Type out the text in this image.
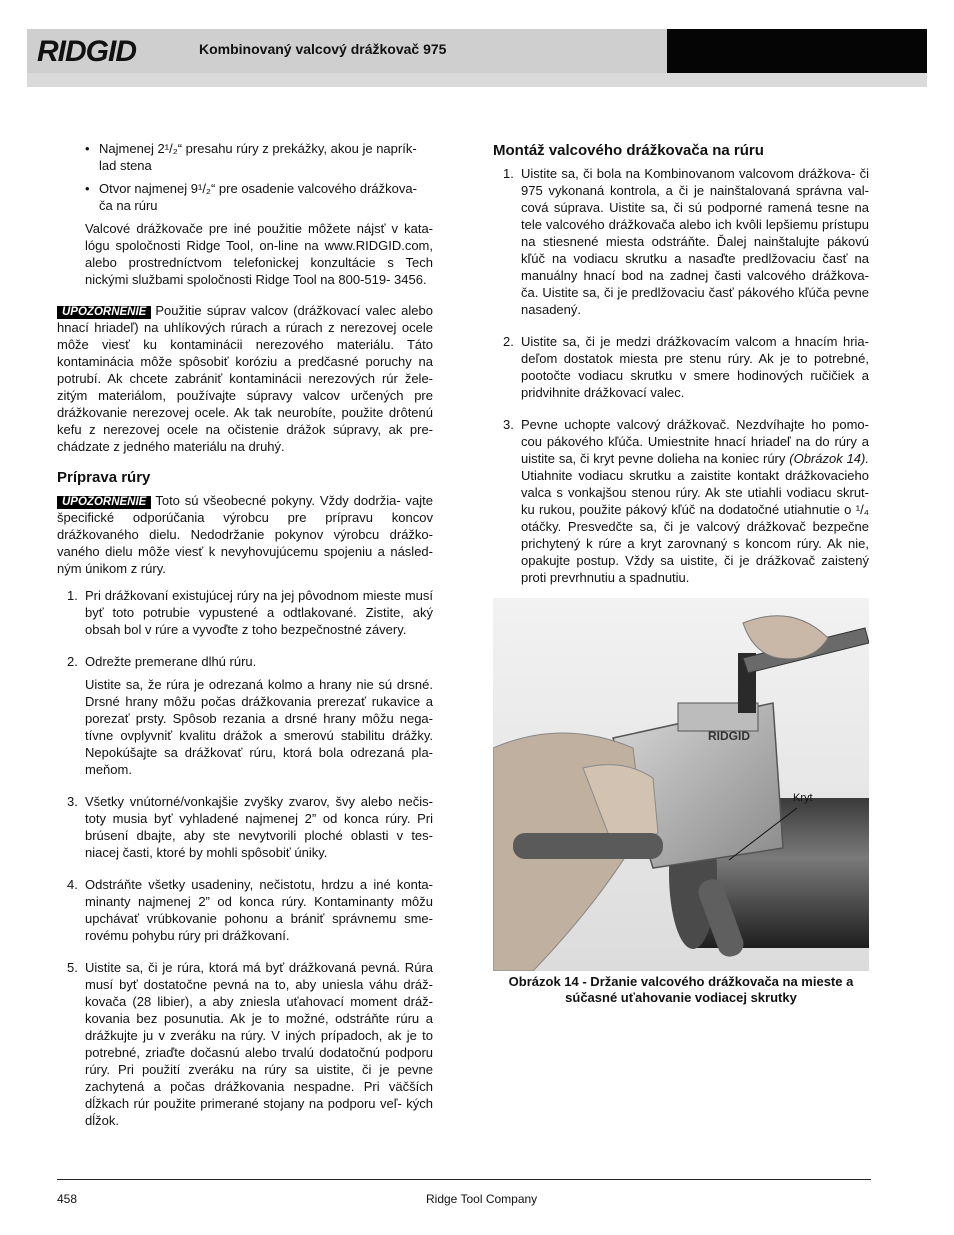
RIDGID	Kombinovaný valcový drážkovač 975
• Najmenej 2¹/₂“ presahu rúry z prekážky, akou je naprík- lad stena
• Otvor najmenej 9¹/₂“ pre osadenie valcového drážkova- ča na rúru

Valcové drážkovače pre iné použitie môžete nájsť v kata- lógu spoločnosti Ridge Tool, on-line na www.RIDGID.com, alebo prostredníctvom telefonickej konzultácie s Tech nickými službami spoločnosti Ridge Tool na 800-519- 3456.

UPOZORNENIE Použitie súprav valcov (drážkovací valec alebo hnací hriadeľ) na uhlíkových rúrach a rúrach z nerezovej ocele môže viesť ku kontaminácii nerezového materiálu. Táto kontaminácia môže spôsobiť koróziu a predčasné poruchy na potrubí. Ak chcete zabrániť kontaminácii nerezových rúr želе- zitým materiálom, používajte súpravy valcov určených pre drážkovanie nerezovej ocele. Ak tak neurobíte, použite drôtenú kefu z nerezovej ocele na očistenie drážok súpravy, ak pre- chádzate z jedného materiálu na druhý.

Príprava rúry

UPOZORNENIE Toto sú všeobecné pokyny. Vždy dodržia- vajte špecifické odporúčania výrobcu pre prípravu koncov drážkovaného dielu. Nedodržanie pokynov výrobcu drážko- vaného dielu môže viesť k nevyhovujúcemu spojeniu a násled- ným únikom z rúry.

1. Pri drážkovaní existujúcej rúry na jej pôvodnom mieste musí byť toto potrubie vypustené a odtlakované. Zistite, aký obsah bol v rúre a vyvoďte z toho bezpečnostné závery.
2. Odrežte premerane dlhú rúru.
Uistite sa, že rúra je odrezaná kolmo a hrany nie sú drsné. Drsné hrany môžu počas drážkovania prerezať rukavice a porezať prsty. Spôsob rezania a drsné hrany môžu nega- tívne ovplyvniť kvalitu drážok a smerovú stabilitu drážky. Nepokúšajte sa drážkovať rúru, ktorá bola odrezaná pla- meňom.
3. Všetky vnútorné/vonkajšie zvyšky zvarov, švy alebo nečis- toty musia byť vyhladené najmenej 2” od konca rúry. Pri brúsení dbajte, aby ste nevytvorili ploché oblasti v tes- niacej časti, ktoré by mohli spôsobiť úniky.
4. Odstráňte všetky usadeniny, nečistotu, hrdzu a iné konta- minanty najmenej 2” od konca rúry. Kontaminanty môžu upchávať vrúbkovanie pohonu a brániť správnemu sme- rovému pohybu rúry pri drážkovaní.
5. Uistite sa, či je rúra, ktorá má byť drážkovaná pevná. Rúra musí byť dostatočne pevná na to, aby uniesla váhu dráž- kovača (28 libier), a aby zniesla uťahovací moment dráž- kovania bez posunutia. Ak je to možné, odstráňte rúru a drážkujte ju v zveráku na rúry. V iných prípadoch, ak je to potrebné, zriaďte dočasnú alebo trvalú dodatočnú podporu rúry. Pri použití zveráku na rúry sa uistite, či je pevne zachytená a počas drážkovania nespadne. Pri väčších dĺžkach rúr použite primerané stojany na podporu veľ- kých dĺžok.
Montáž valcového drážkovača na rúru
1. Uistite sa, či bola na Kombinovanom valcovom drážkova- či 975 vykonaná kontrola, a či je nainštalovaná správna val- cová súprava. Uistite sa, či sú podporné ramená tesne na tele valcového drážkovača alebo ich kvôli lepšiemu prístupu na stiesnené miesta odstráňte. Ďalej nainštalujte pákovú kľúč na vodiacu skrutku a nasaďte predlžovaciu časť na manuálny hnací bod na zadnej časti valcového drážkova- ča. Uistite sa, či je predlžovaciu časť pákového kľúča pevne nasadený.
2. Uistite sa, či je medzi drážkovacím valcom a hnacím hria- deľom dostatok miesta pre stenu rúry. Ak je to potrebné, pootočte vodiacu skrutku v smere hodinových ručičiek a pridvihnite drážkovací valec.
3. Pevne uchopte valcový drážkovač. Nezdvíhajte ho pomo- cou pákového kľúča. Umiestnite hnací hriadeľ na do rúry a uistite sa, či kryt pevne dolieha na koniec rúry (Obrázok 14). Utiahnite vodiacu skrutku a zaistite kontakt drážkovacieho valca s vonkajšou stenou rúry. Ak ste utiahli vodiacu skrut- ku rukou, použite pákový kľúč na dodatočné utiahnutie o ¹/₄ otáčky. Presvedčte sa, či je valcový drážkovač bezpečne prichytený k rúre a kryt zarovnaný s koncom rúry. Ak nie, opakujte postup. Vždy sa uistite, či je drážkovač zaistený proti prevrhnutiu a spadnutiu.
RIDGID
Kryt
Obrázok 14 - Držanie valcového drážkovača na mieste a
súčasné uťahovanie vodiacej skrutky
458	Ridge Tool Company
